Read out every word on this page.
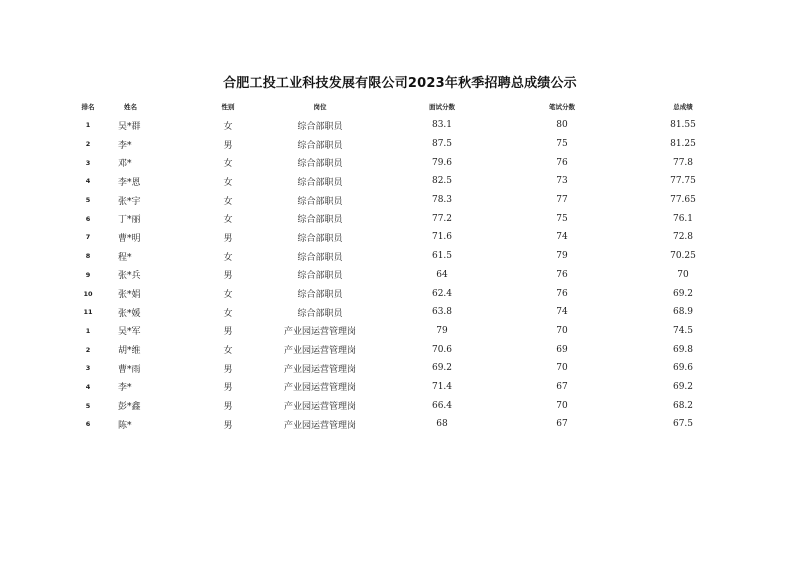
合肥工投工业科技发展有限公司2023年秋季招聘总成绩公示
排名	姓名	性别	岗位	面试分数	笔试分数	总成绩
1	吴*群	女	综合部职员	83.1	80	81.55
2	李*	男	综合部职员	87.5	75	81.25
3	邓*	女	综合部职员	79.6	76	77.8
4	李*恩	女	综合部职员	82.5	73	77.75
5	张*宇	女	综合部职员	78.3	77	77.65
6	丁*丽	女	综合部职员	77.2	75	76.1
7	曹*明	男	综合部职员	71.6	74	72.8
8	程*	女	综合部职员	61.5	79	70.25
9	张*兵	男	综合部职员	64	76	70
10	张*娟	女	综合部职员	62.4	76	69.2
11	张*媛	女	综合部职员	63.8	74	68.9
1	吴*军	男	产业园运营管理岗	79	70	74.5
2	胡*维	女	产业园运营管理岗	70.6	69	69.8
3	曹*雨	男	产业园运营管理岗	69.2	70	69.6
4	李*	男	产业园运营管理岗	71.4	67	69.2
5	彭*鑫	男	产业园运营管理岗	66.4	70	68.2
6	陈*	男	产业园运营管理岗	68	67	67.5
